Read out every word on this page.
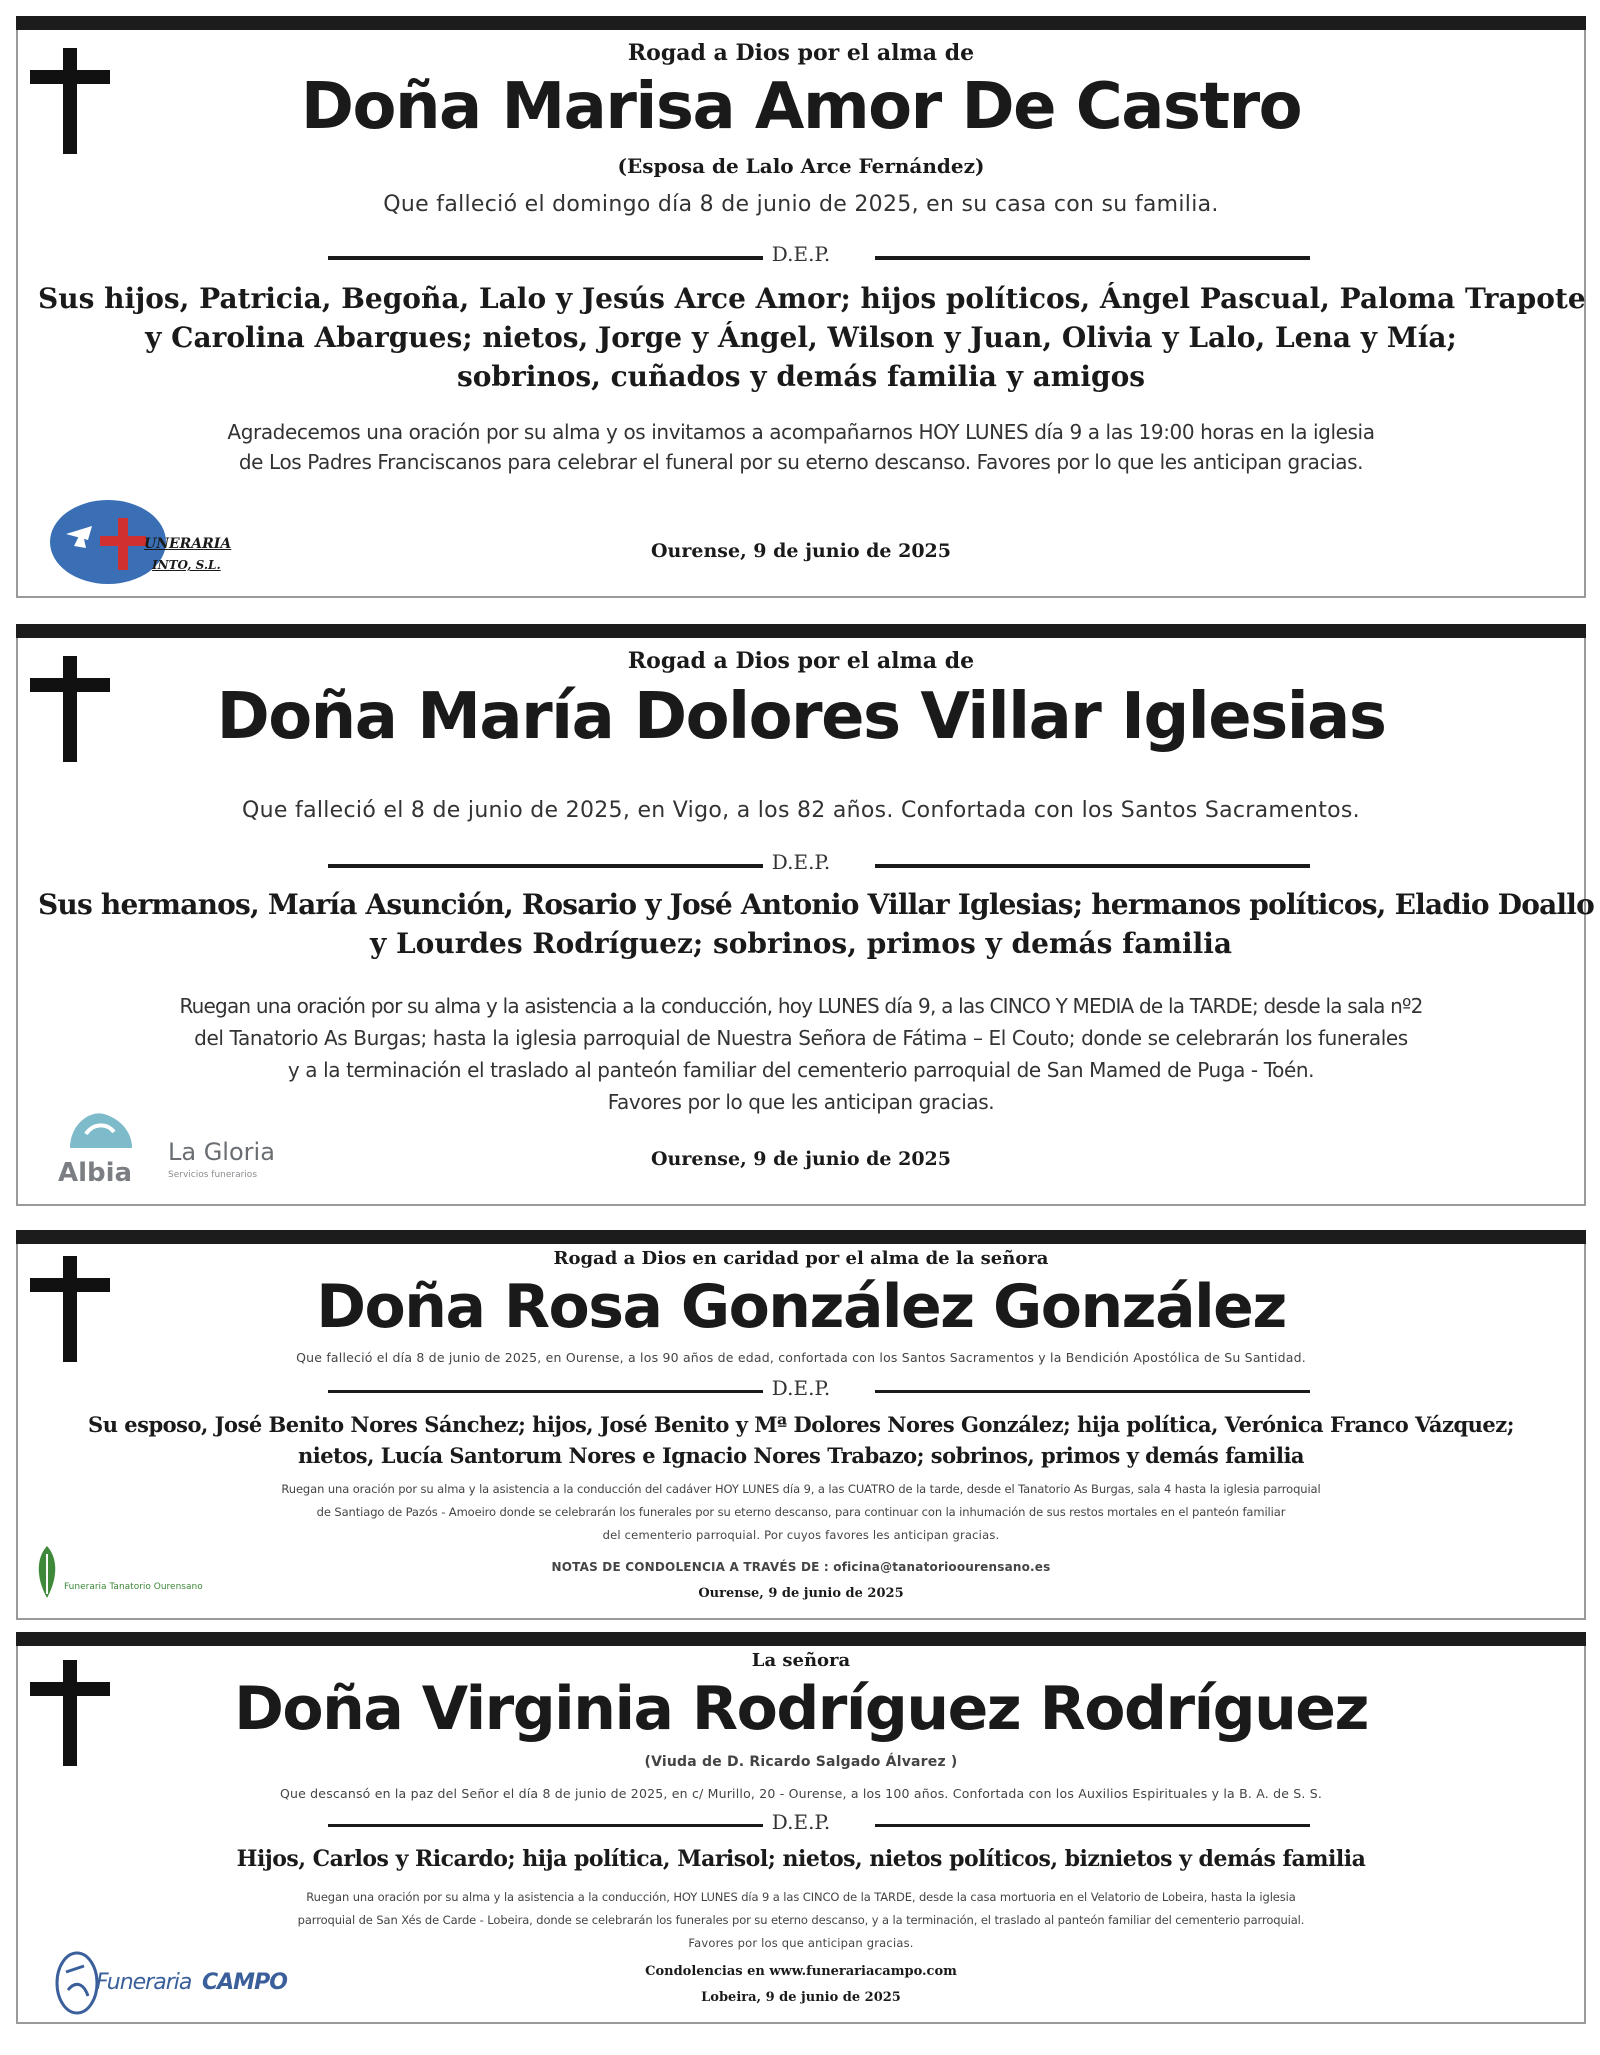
Rogad a Dios por el alma de
Doña Marisa Amor De Castro
(Esposa de Lalo Arce Fernández)
Que falleció el domingo día 8 de junio de 2025, en su casa con su familia.
D.E.P.
Sus hijos, Patricia, Begoña, Lalo y Jesús Arce Amor; hijos políticos, Ángel Pascual, Paloma Trapote
y Carolina Abargues; nietos, Jorge y Ángel, Wilson y Juan, Olivia y Lalo, Lena y Mía;
sobrinos, cuñados y demás familia y amigos
Agradecemos una oración por su alma y os invitamos a acompañarnos HOY LUNES día 9 a las 19:00 horas en la iglesia
de Los Padres Franciscanos para celebrar el funeral por su eterno descanso. Favores por lo que les anticipan gracias.
UNERARIA
INTO, S.L.
Ourense, 9 de junio de 2025
Rogad a Dios por el alma de
Doña María Dolores Villar Iglesias
Que falleció el 8 de junio de 2025, en Vigo, a los 82 años. Confortada con los Santos Sacramentos.
D.E.P.
Sus hermanos, María Asunción, Rosario y José Antonio Villar Iglesias; hermanos políticos, Eladio Doallo
y Lourdes Rodríguez; sobrinos, primos y demás familia
Ruegan una oración por su alma y la asistencia a la conducción, hoy LUNES día 9, a las CINCO Y MEDIA de la TARDE; desde la sala nº2
del Tanatorio As Burgas; hasta la iglesia parroquial de Nuestra Señora de Fátima – El Couto; donde se celebrarán los funerales
y a la terminación el traslado al panteón familiar del cementerio parroquial de San Mamed de Puga - Toén.
Favores por lo que les anticipan gracias.
Albia
La Gloria
Servicios funerarios
Ourense, 9 de junio de 2025
Rogad a Dios en caridad por el alma de la señora
Doña Rosa González González
Que falleció el día 8 de junio de 2025, en Ourense, a los 90 años de edad, confortada con los Santos Sacramentos y la Bendición Apostólica de Su Santidad.
D.E.P.
Su esposo, José Benito Nores Sánchez; hijos, José Benito y Mª Dolores Nores González; hija política, Verónica Franco Vázquez;
nietos, Lucía Santorum Nores e Ignacio Nores Trabazo; sobrinos, primos y demás familia
Ruegan una oración por su alma y la asistencia a la conducción del cadáver HOY LUNES día 9, a las CUATRO de la tarde, desde el Tanatorio As Burgas, sala 4 hasta la iglesia parroquial
de Santiago de Pazós - Amoeiro donde se celebrarán los funerales por su eterno descanso, para continuar con la inhumación de sus restos mortales en el panteón familiar
del cementerio parroquial. Por cuyos favores les anticipan gracias.
Funeraria Tanatorio Ourensano
NOTAS DE CONDOLENCIA A TRAVÉS DE : oficina@tanatorioourensano.es
Ourense, 9 de junio de 2025
La señora
Doña Virginia Rodríguez Rodríguez
(Viuda de D. Ricardo Salgado Álvarez )
Que descansó en la paz del Señor el día 8 de junio de 2025, en c/ Murillo, 20 - Ourense, a los 100 años. Confortada con los Auxilios Espirituales y la B. A. de S. S.
D.E.P.
Hijos, Carlos y Ricardo; hija política, Marisol; nietos, nietos políticos, biznietos y demás familia
Ruegan una oración por su alma y la asistencia a la conducción, HOY LUNES día 9 a las CINCO de la TARDE, desde la casa mortuoria en el Velatorio de Lobeira, hasta la iglesia
parroquial de San Xés de Carde - Lobeira, donde se celebrarán los funerales por su eterno descanso, y a la terminación, el traslado al panteón familiar del cementerio parroquial.
Favores por los que anticipan gracias.
Funeraria CAMPO	Condolencias en www.funerariacampo.com
Lobeira, 9 de junio de 2025
